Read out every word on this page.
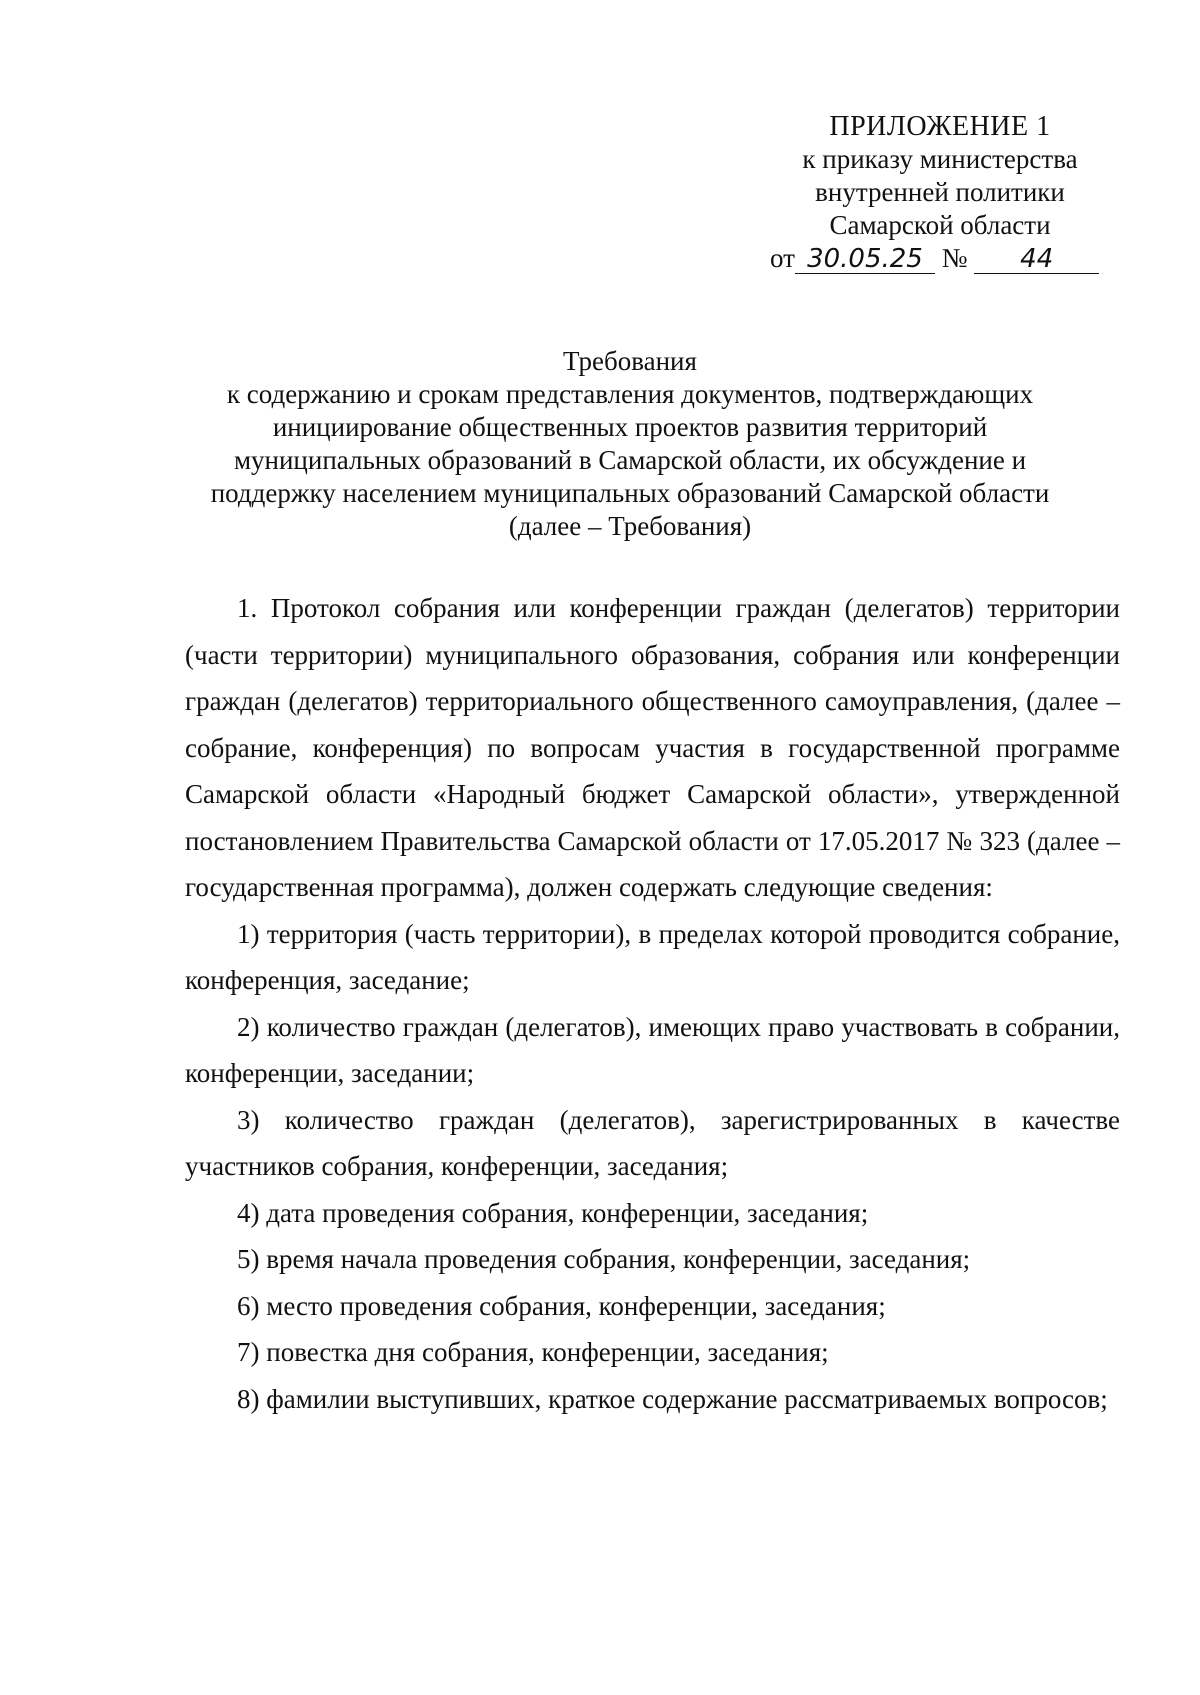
ПРИЛОЖЕНИЕ 1
к приказу министерства
внутренней политики
Самарской области
от 30.05.25 № 44
Требования
к содержанию и срокам представления документов, подтверждающих
инициирование общественных проектов развития территорий
муниципальных образований в Самарской области, их обсуждение и
поддержку населением муниципальных образований Самарской области
(далее – Требования)

1. Протокол собрания или конференции граждан (делегатов) территории (части территории) муниципального образования, собрания или конференции граждан (делегатов) территориального общественного самоуправления, (далее – собрание, конференция) по вопросам участия в государственной программе Самарской области «Народный бюджет Самарской области», утвержденной постановлением Правительства Самарской области от 17.05.2017 № 323 (далее – государственная программа), должен содержать следующие сведения:

1) территория (часть территории), в пределах которой проводится собрание, конференция, заседание;

2) количество граждан (делегатов), имеющих право участвовать в собрании, конференции, заседании;

3) количество граждан (делегатов), зарегистрированных в качестве участников собрания, конференции, заседания;

4) дата проведения собрания, конференции, заседания;

5) время начала проведения собрания, конференции, заседания;

6) место проведения собрания, конференции, заседания;

7) повестка дня собрания, конференции, заседания;

8) фамилии выступивших, краткое содержание рассматриваемых вопросов;
